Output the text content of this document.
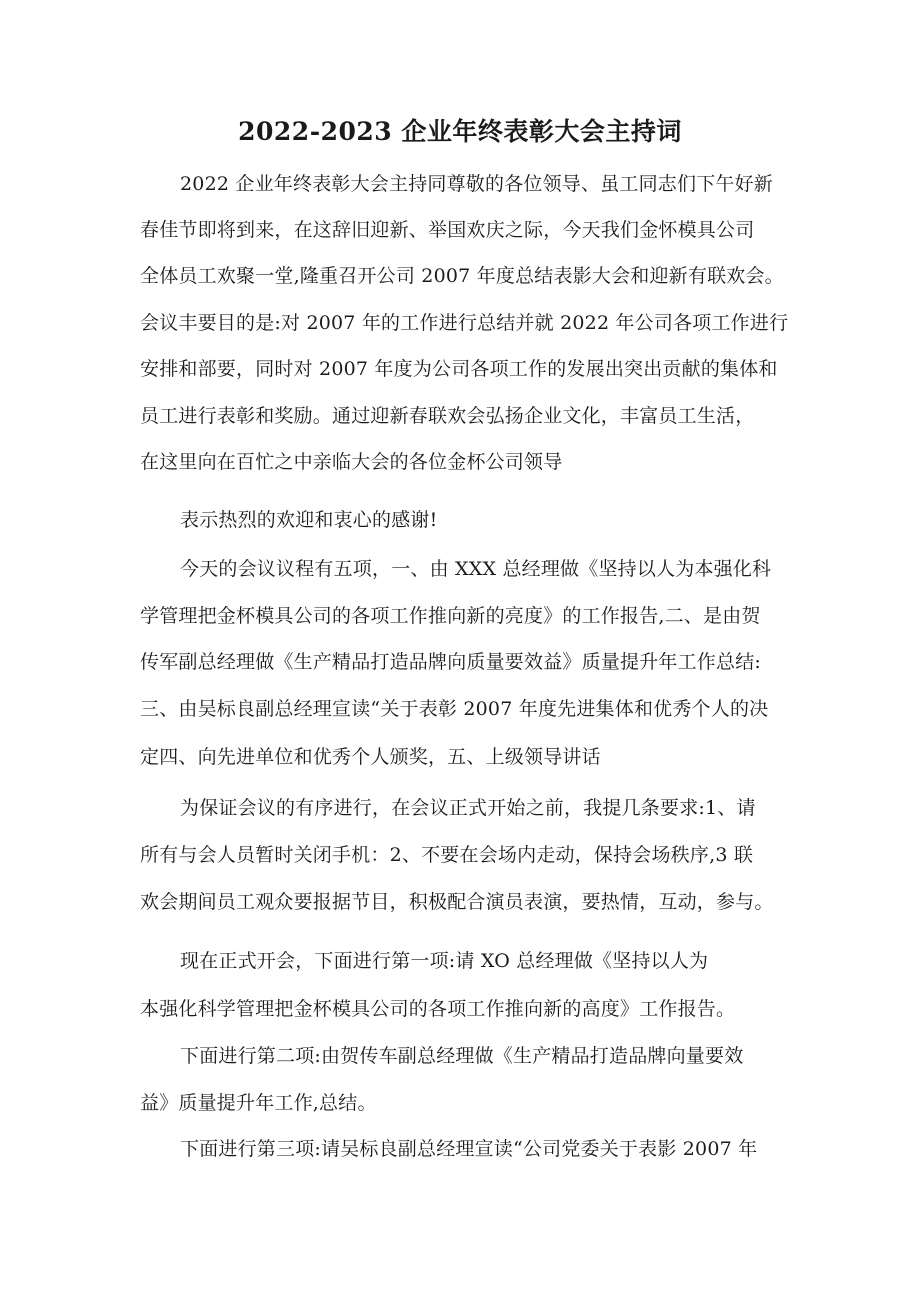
2022-2023 企业年终表彰大会主持词
2022 企业年终表彰大会主持同尊敬的各位领导、虽工同志们下午好新
春佳节即将到来，在这辞旧迎新、举国欢庆之际，今天我们金怀模具公司
全体员工欢聚一堂,隆重召开公司 2007 年度总结表影大会和迎新有联欢会。
会议丰要目的是:对 2007 年的工作进行总结并就 2022 年公司各项工作进行
安排和部要，同时对 2007 年度为公司各项工作的发展出突出贡献的集体和
员工进行表彰和奖励。通过迎新春联欢会弘扬企业文化，丰富员工生活，
在这里向在百忙之中亲临大会的各位金杯公司领导
表示热烈的欢迎和衷心的感谢!
今天的会议议程有五项，一、由 XXX 总经理做《坚持以人为本强化科
学管理把金杯模具公司的各项工作推向新的亮度》的工作报告,二、是由贺
传军副总经理做《生产精品打造品牌向质量要效益》质量提升年工作总结:
三、由吴标良副总经理宣读“关于表彰 2007 年度先进集体和优秀个人的决
定四、向先进单位和优秀个人颁奖，五、上级领导讲话
为保证会议的有序进行，在会议正式开始之前，我提几条要求:1、请
所有与会人员暂时关闭手机：2、不要在会场内走动，保持会场秩序,3 联
欢会期间员工观众要报据节目，积极配合演员表演，要热情，互动，参与。
现在正式开会，下面进行第一项:请 XO 总经理做《坚持以人为
本强化科学管理把金杯模具公司的各项工作推向新的高度》工作报告。
下面进行第二项:由贺传车副总经理做《生产精品打造品牌向量要效
益》质量提升年工作,总结。
下面进行第三项:请吴标良副总经理宣读“公司党委关于表影 2007 年
